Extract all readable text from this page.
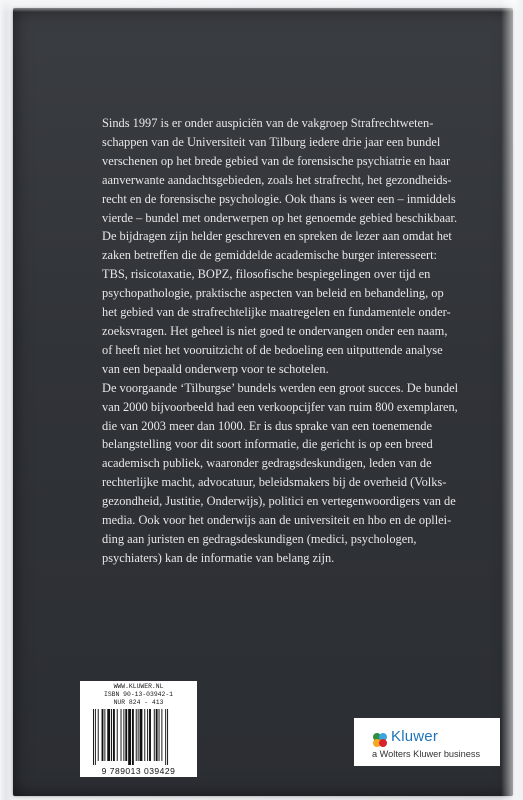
Sinds 1997 is er onder auspiciën van de vakgroep Strafrechtweten-

schappen van de Universiteit van Tilburg iedere drie jaar een bundel

verschenen op het brede gebied van de forensische psychiatrie en haar

aanverwante aandachtsgebieden, zoals het strafrecht, het gezondheids-

recht en de forensische psychologie. Ook thans is weer een – inmiddels

vierde – bundel met onderwerpen op het genoemde gebied beschikbaar.

De bijdragen zijn helder geschreven en spreken de lezer aan omdat het

zaken betreffen die de gemiddelde academische burger interesseert:

TBS, risicotaxatie, BOPZ, filosofische bespiegelingen over tijd en

psychopathologie, praktische aspecten van beleid en behandeling, op

het gebied van de strafrechtelijke maatregelen en fundamentele onder-

zoeksvragen. Het geheel is niet goed te ondervangen onder een naam,

of heeft niet het vooruitzicht of de bedoeling een uitputtende analyse

van een bepaald onderwerp voor te schotelen.

De voorgaande ‘Tilburgse’ bundels werden een groot succes. De bundel

van 2000 bijvoorbeeld had een verkoopcijfer van ruim 800 exemplaren,

die van 2003 meer dan 1000. Er is dus sprake van een toenemende

belangstelling voor dit soort informatie, die gericht is op een breed

academisch publiek, waaronder gedragsdeskundigen, leden van de

rechterlijke macht, advocatuur, beleidsmakers bij de overheid (Volks-

gezondheid, Justitie, Onderwijs), politici en vertegenwoordigers van de

media. Ook voor het onderwijs aan de universiteit en hbo en de opllei-

ding aan juristen en gedragsdeskundigen (medici, psychologen,

psychiaters) kan de informatie van belang zijn.

WWW.KLUWER.NL
ISBN 90-13-03942-1
NUR 824 - 413
9 789013 039429
Kluwer
a Wolters Kluwer business
